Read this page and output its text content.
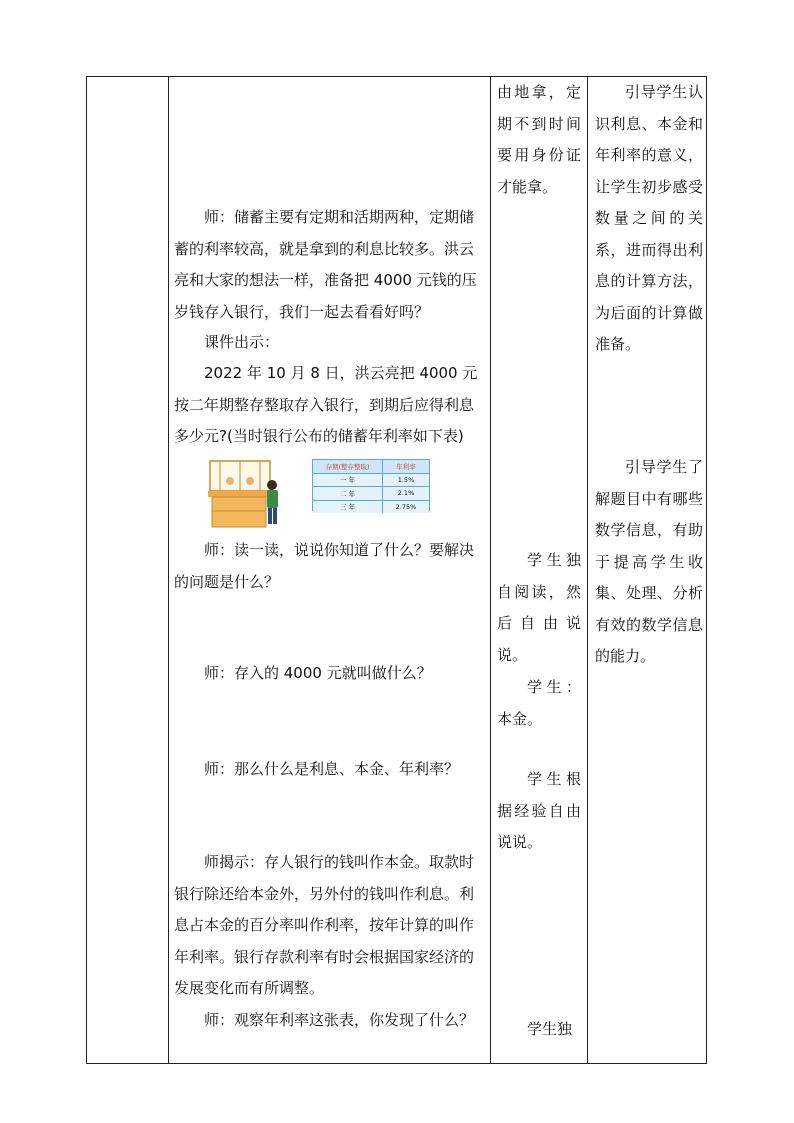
师：储蓄主要有定期和活期两种，定期储蓄的利率较高，就是拿到的利息比较多。洪云亮和大家的想法一样，准备把 4000 元钱的压岁钱存入银行，我们一起去看看好吗？

课件出示：

2022 年 10 月 8 日，洪云亮把 4000 元按二年期整存整取存入银行，到期后应得利息多少元?(当时银行公布的储蓄年利率如下表)

存期(整存整取)	年利率
一 年	1.5%
二 年	2.1%
三 年	2.75%

师：读一读，说说你知道了什么？要解决的问题是什么？

师：存入的 4000 元就叫做什么？

师：那么什么是利息、本金、年利率？

师揭示：存人银行的钱叫作本金。取款时银行除还给本金外，另外付的钱叫作利息。利息占本金的百分率叫作利率，按年计算的叫作年利率。银行存款利率有时会根据国家经济的发展变化而有所调整。

师：观察年利率这张表，你发现了什么？

由地拿，定期不到时间要用身份证才能拿。

学生独自阅读，然后自由说说。

学生：本金。

学生根据经验自由说说。

学生独

引导学生认识利息、本金和年利率的意义，让学生初步感受数量之间的关系，进而得出利息的计算方法，为后面的计算做准备。

引导学生了解题目中有哪些数学信息，有助于提高学生收集、处理、分析有效的数学信息的能力。
